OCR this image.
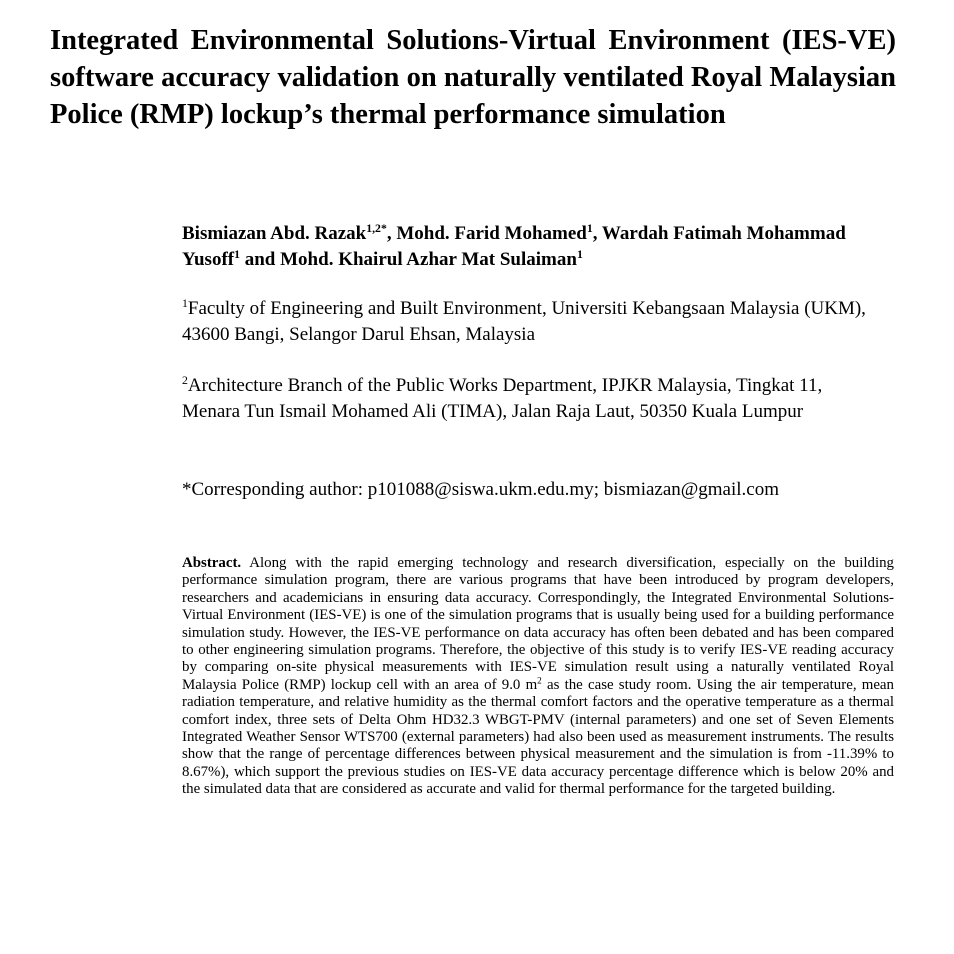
Integrated Environmental Solutions-Virtual Environment (IES-VE) software accuracy validation on naturally ventilated Royal Malaysian Police (RMP) lockup’s thermal performance simulation

Bismiazan Abd. Razak$^{1,2*}$, Mohd. Farid Mohamed$^1$, Wardah Fatimah Mohammad Yusoff$^1$ and Mohd. Khairul Azhar Mat Sulaiman$^1$

$^1$Faculty of Engineering and Built Environment, Universiti Kebangsaan Malaysia (UKM), 43600 Bangi, Selangor Darul Ehsan, Malaysia

$^2$Architecture Branch of the Public Works Department, IPJKR Malaysia, Tingkat 11, Menara Tun Ismail Mohamed Ali (TIMA), Jalan Raja Laut, 50350 Kuala Lumpur

*Corresponding author: p101088@siswa.ukm.edu.my; bismiazan@gmail.com

Abstract. Along with the rapid emerging technology and research diversification, especially on the building performance simulation program, there are various programs that have been introduced by program developers, researchers and academicians in ensuring data accuracy. Correspondingly, the Integrated Environmental Solutions-Virtual Environment (IES-VE) is one of the simulation programs that is usually being used for a building performance simulation study. However, the IES-VE performance on data accuracy has often been debated and has been compared to other engineering simulation programs. Therefore, the objective of this study is to verify IES-VE reading accuracy by comparing on-site physical measurements with IES-VE simulation result using a naturally ventilated Royal Malaysia Police (RMP) lockup cell with an area of 9.0 $m^2$ as the case study room. Using the air temperature, mean radiation temperature, and relative humidity as the thermal comfort factors and the operative temperature as a thermal comfort index, three sets of Delta Ohm HD32.3 WBGT-PMV (internal parameters) and one set of Seven Elements Integrated Weather Sensor WTS700 (external parameters) had also been used as measurement instruments. The results show that the range of percentage differences between physical measurement and the simulation is from -11.39% to 8.67%), which support the previous studies on IES-VE data accuracy percentage difference which is below 20% and the simulated data that are considered as accurate and valid for thermal performance for the targeted building.
